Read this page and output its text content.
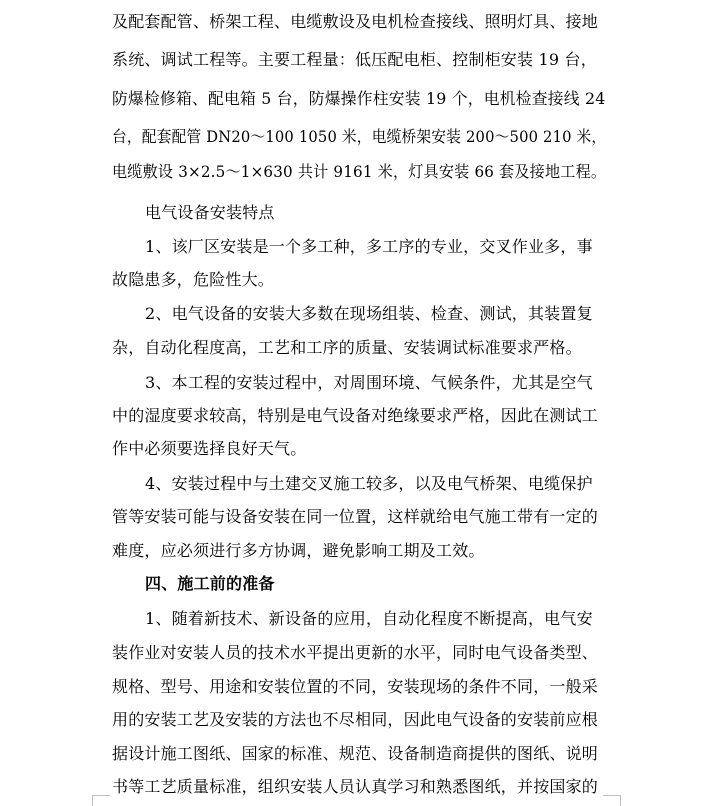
及配套配管、桥架工程、电缆敷设及电机检查接线、照明灯具、接地
系统、调试工程等。主要工程量：低压配电柜、控制柜安装 19 台，
防爆检修箱、配电箱 5 台，防爆操作柱安装 19 个，电机检查接线 24
台，配套配管 DN20～100 1050 米，电缆桥架安装 200～500 210 米，
电缆敷设 3×2.5～1×630 共计 9161 米，灯具安装 66 套及接地工程。
电气设备安装特点
1、该厂区安装是一个多工种，多工序的专业，交叉作业多，事
故隐患多，危险性大。
2、电气设备的安装大多数在现场组装、检查、测试，其装置复
杂，自动化程度高，工艺和工序的质量、安装调试标准要求严格。
3、本工程的安装过程中，对周围环境、气候条件，尤其是空气
中的湿度要求较高，特别是电气设备对绝缘要求严格，因此在测试工
作中必须要选择良好天气。
4、安装过程中与土建交叉施工较多，以及电气桥架、电缆保护
管等安装可能与设备安装在同一位置，这样就给电气施工带有一定的
难度，应必须进行多方协调，避免影响工期及工效。
四、施工前的准备
1、随着新技术、新设备的应用，自动化程度不断提高，电气安
装作业对安装人员的技术水平提出更新的水平，同时电气设备类型、
规格、型号、用途和安装位置的不同，安装现场的条件不同，一般采
用的安装工艺及安装的方法也不尽相同，因此电气设备的安装前应根
据设计施工图纸、国家的标准、规范、设备制造商提供的图纸、说明
书等工艺质量标准，组织安装人员认真学习和熟悉图纸，并按国家的
